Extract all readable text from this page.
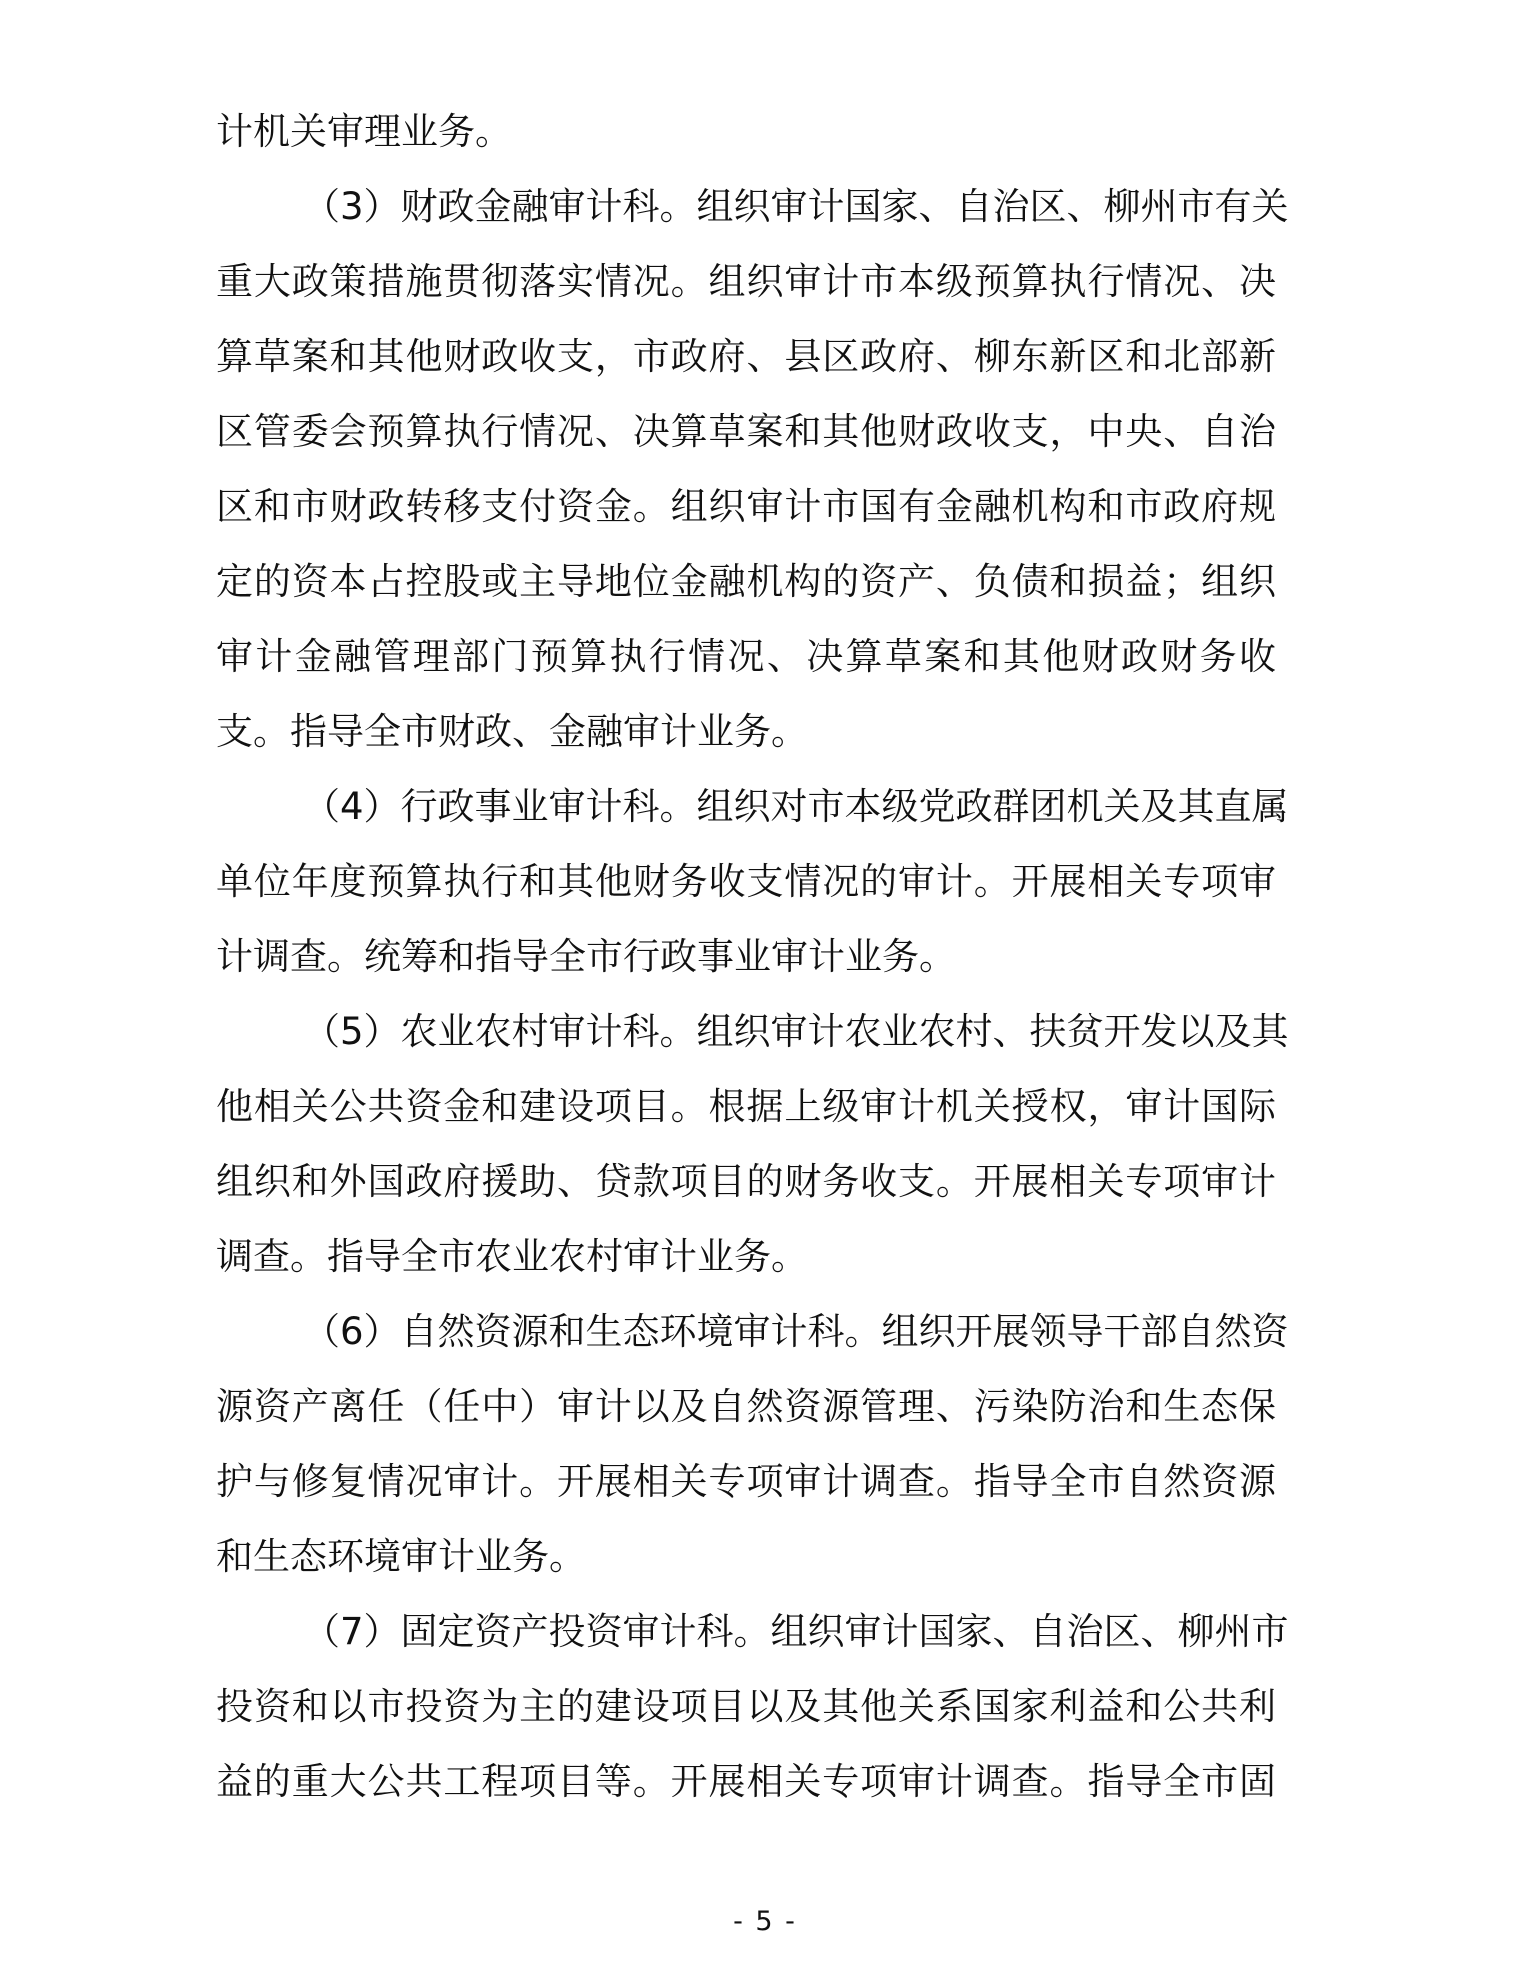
计机关审理业务。
（3）财政金融审计科。组织审计国家、自治区、柳州市有关
重大政策措施贯彻落实情况。组织审计市本级预算执行情况、决
算草案和其他财政收支，市政府、县区政府、柳东新区和北部新
区管委会预算执行情况、决算草案和其他财政收支，中央、自治
区和市财政转移支付资金。组织审计市国有金融机构和市政府规
定的资本占控股或主导地位金融机构的资产、负债和损益；组织
审计金融管理部门预算执行情况、决算草案和其他财政财务收
支。指导全市财政、金融审计业务。
（4）行政事业审计科。组织对市本级党政群团机关及其直属
单位年度预算执行和其他财务收支情况的审计。开展相关专项审
计调查。统筹和指导全市行政事业审计业务。
（5）农业农村审计科。组织审计农业农村、扶贫开发以及其
他相关公共资金和建设项目。根据上级审计机关授权，审计国际
组织和外国政府援助、贷款项目的财务收支。开展相关专项审计
调查。指导全市农业农村审计业务。
（6）自然资源和生态环境审计科。组织开展领导干部自然资
源资产离任（任中）审计以及自然资源管理、污染防治和生态保
护与修复情况审计。开展相关专项审计调查。指导全市自然资源
和生态环境审计业务。
（7）固定资产投资审计科。组织审计国家、自治区、柳州市
投资和以市投资为主的建设项目以及其他关系国家利益和公共利
益的重大公共工程项目等。开展相关专项审计调查。指导全市固
- 5 -
